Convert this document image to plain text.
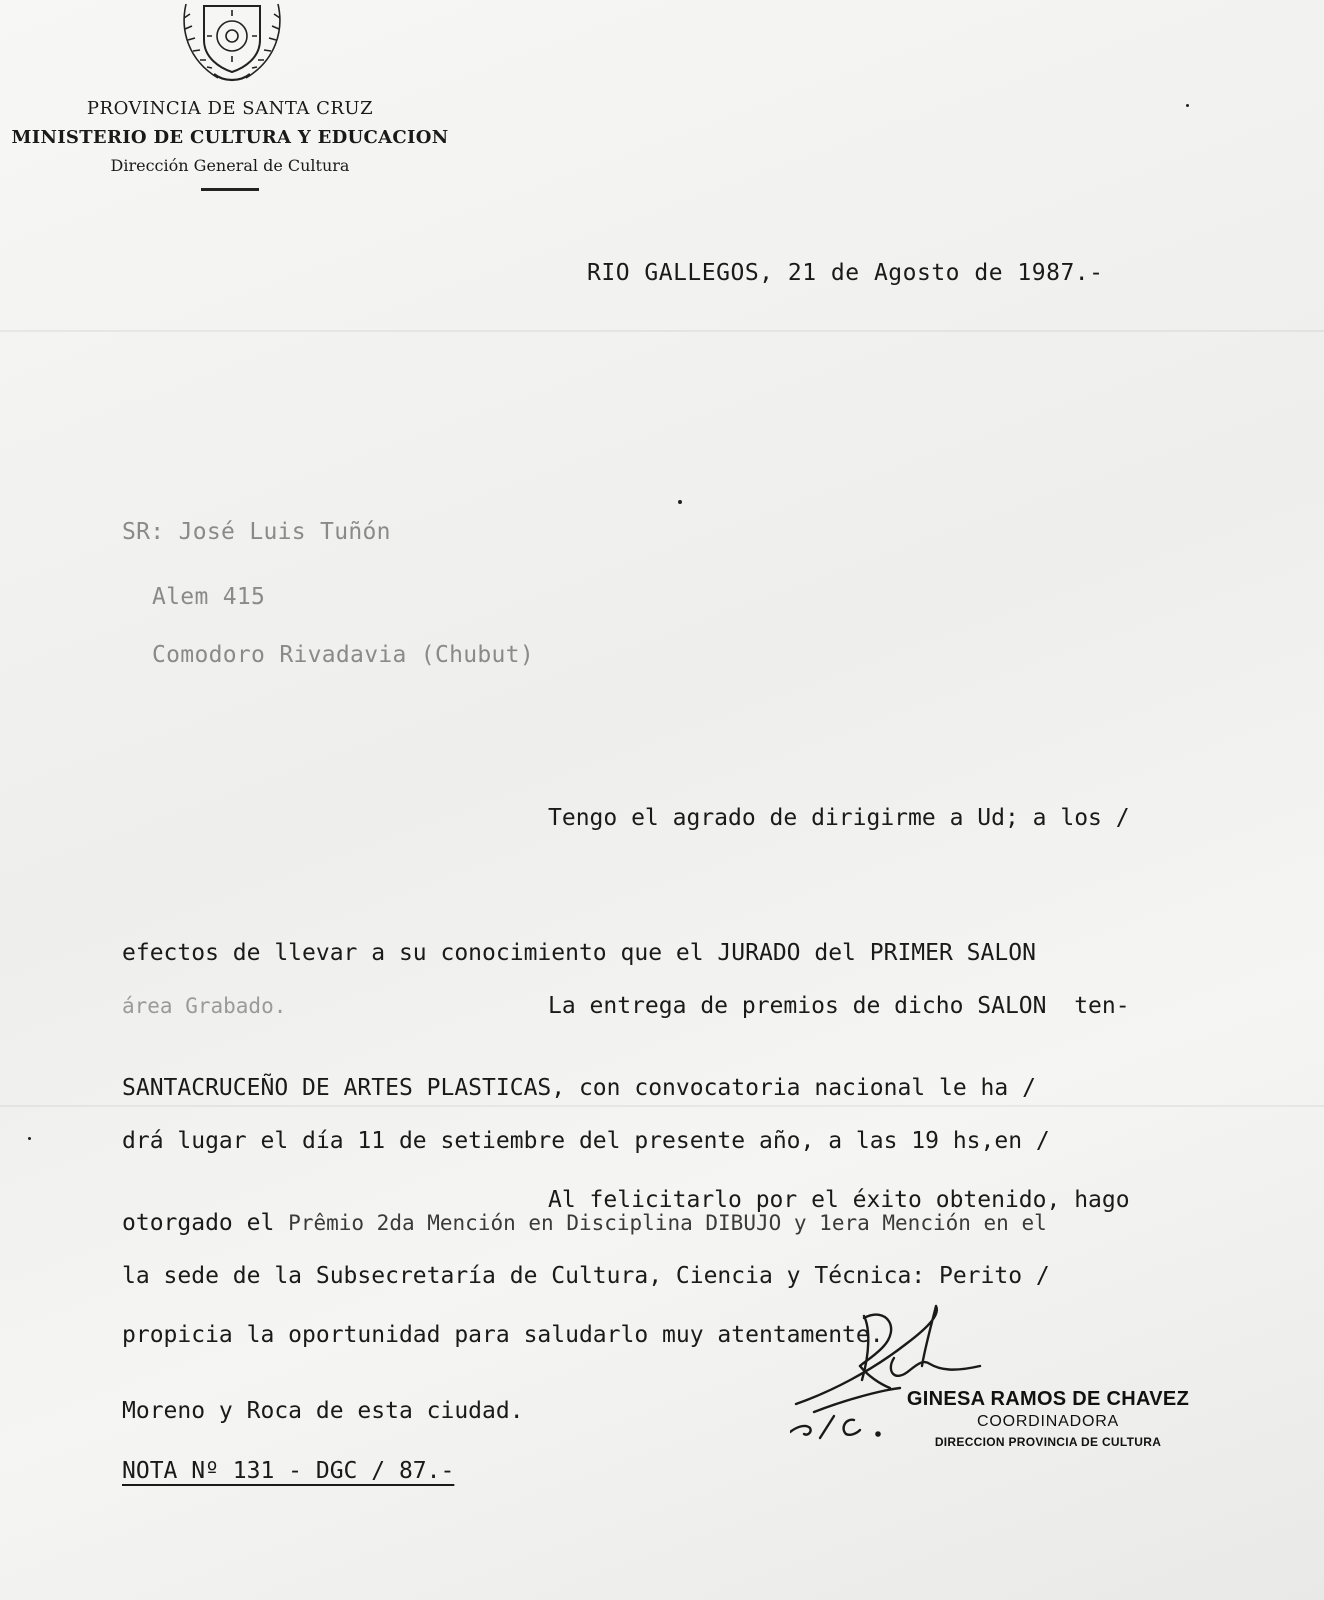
PROVINCIA DE SANTA CRUZ
MINISTERIO DE CULTURA Y EDUCACION
Dirección General de Cultura
RIO GALLEGOS, 21 de Agosto de 1987.-
SR: José Luis Tuñón
Alem 415
Comodoro Rivadavia (Chubut)

Tengo el agrado de dirigirme a Ud; a los /

efectos de llevar a su conocimiento que el JURADO del PRIMER SALON

SANTACRUCEÑO DE ARTES PLASTICAS, con convocatoria nacional le ha /

otorgado el Prêmio 2da Mención en Disciplina DIBUJO y 1era Mención en el

área Grabado.	La entrega de premios de dicho SALON  ten-

drá lugar el día 11 de setiembre del presente año, a las 19 hs,en /

la sede de la Subsecretaría de Cultura, Ciencia y Técnica: Perito /

Moreno y Roca de esta ciudad.

Al felicitarlo por el éxito obtenido, hago

propicia la oportunidad para saludarlo muy atentamente.

GINESA RAMOS DE CHAVEZ
COORDINADORA
DIRECCION PROVINCIA DE CULTURA
NOTA Nº 131 - DGC / 87.-
